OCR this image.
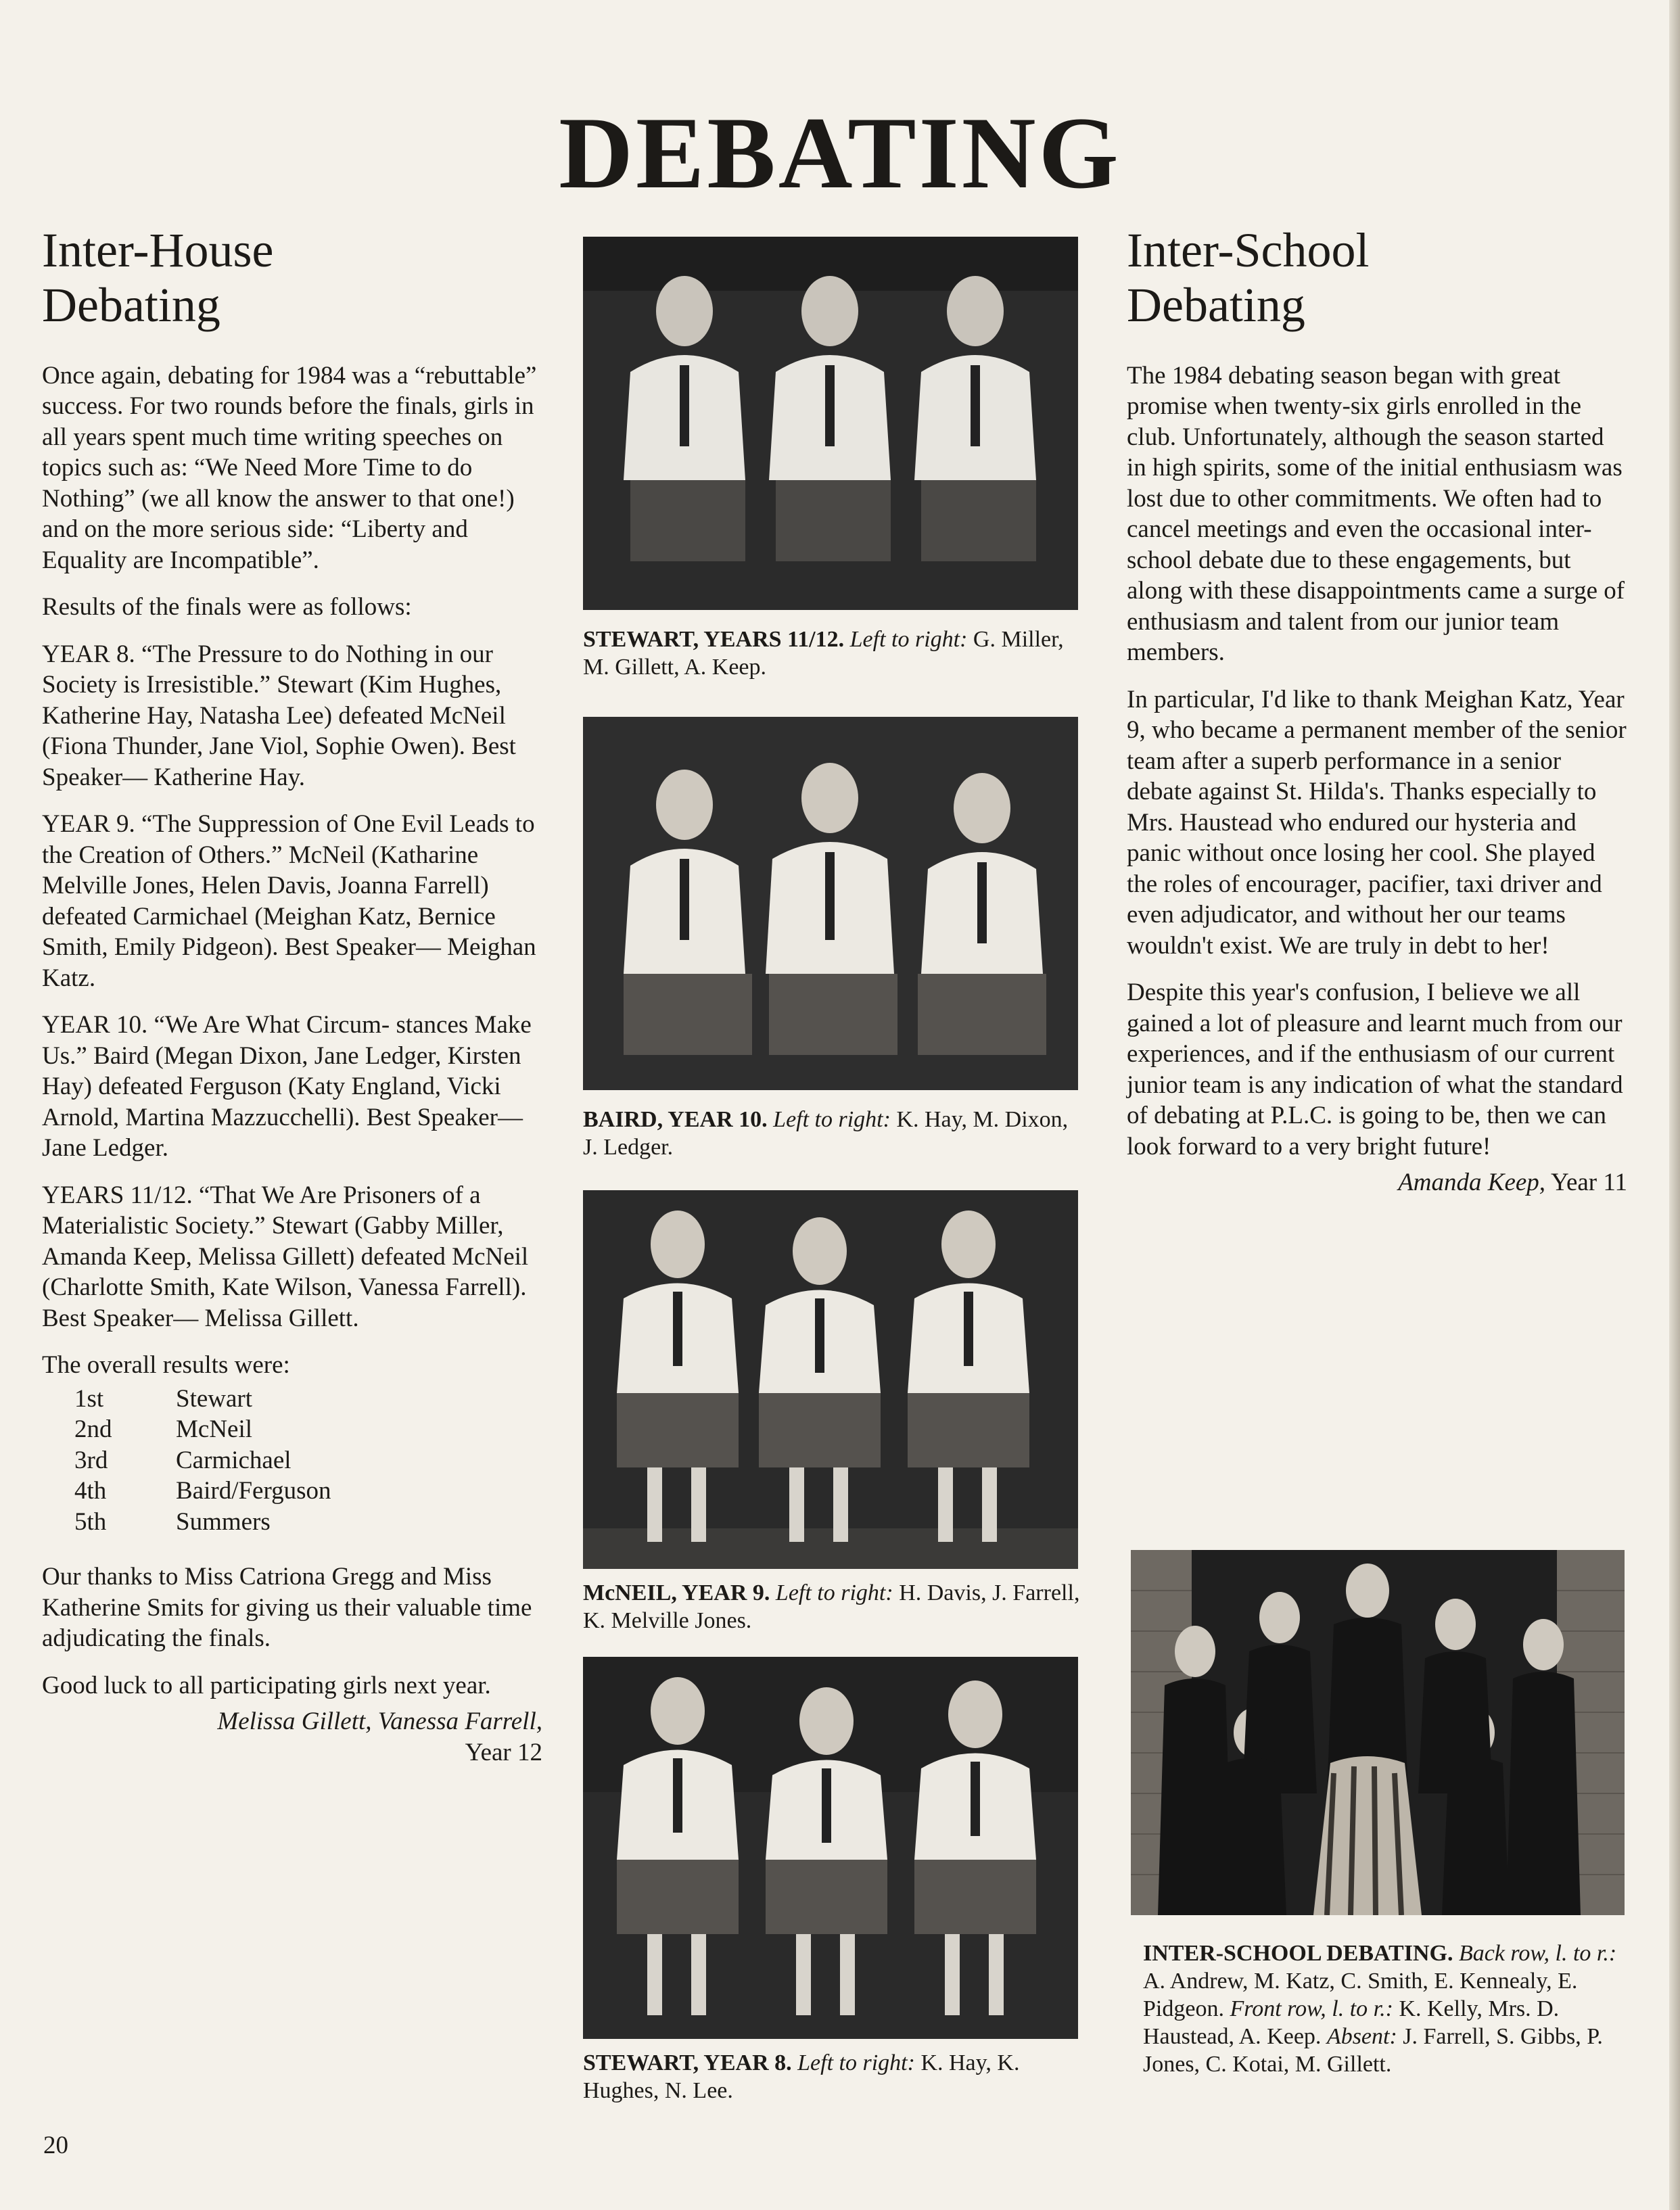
DEBATING
Inter-House
Debating

Once again, debating for 1984 was a “rebuttable” success. For two rounds before the finals, girls in all years spent much time writing speeches on topics such as: “We Need More Time to do Nothing” (we all know the answer to that one!) and on the more serious side: “Liberty and Equality are Incompatible”.

Results of the finals were as follows:

YEAR 8. “The Pressure to do Nothing in our Society is Irresistible.” Stewart (Kim Hughes, Katherine Hay, Natasha Lee) defeated McNeil (Fiona Thunder, Jane Viol, Sophie Owen). Best Speaker— Katherine Hay.

YEAR 9. “The Suppression of One Evil Leads to the Creation of Others.” McNeil (Katharine Melville Jones, Helen Davis, Joanna Farrell) defeated Carmichael (Meighan Katz, Bernice Smith, Emily Pidgeon). Best Speaker— Meighan Katz.

YEAR 10. “We Are What Circum- stances Make Us.” Baird (Megan Dixon, Jane Ledger, Kirsten Hay) defeated Ferguson (Katy England, Vicki Arnold, Martina Mazzucchelli). Best Speaker—Jane Ledger.

YEARS 11/12. “That We Are Prisoners of a Materialistic Society.” Stewart (Gabby Miller, Amanda Keep, Melissa Gillett) defeated McNeil (Charlotte Smith, Kate Wilson, Vanessa Farrell). Best Speaker— Melissa Gillett.

The overall results were:

1st	Stewart
2nd	McNeil
3rd	Carmichael
4th	Baird/Ferguson
5th	Summers

Our thanks to Miss Catriona Gregg and Miss Katherine Smits for giving us their valuable time adjudicating the finals.

Good luck to all participating girls next year.

Melissa Gillett, Vanessa Farrell,
Year 12
Inter-School
Debating

The 1984 debating season began with great promise when twenty-six girls enrolled in the club. Unfortunately, although the season started in high spirits, some of the initial enthusiasm was lost due to other commitments. We often had to cancel meetings and even the occasional inter-school debate due to these engagements, but along with these disappointments came a surge of enthusiasm and talent from our junior team members.

In particular, I'd like to thank Meighan Katz, Year 9, who became a permanent member of the senior team after a superb performance in a senior debate against St. Hilda's. Thanks especially to Mrs. Haustead who endured our hysteria and panic without once losing her cool. She played the roles of encourager, pacifier, taxi driver and even adjudicator, and without her our teams wouldn't exist. We are truly in debt to her!

Despite this year's confusion, I believe we all gained a lot of pleasure and learnt much from our experiences, and if the enthusiasm of our current junior team is any indication of what the standard of debating at P.L.C. is going to be, then we can look forward to a very bright future!

Amanda Keep, Year 11

STEWART, YEARS 11/12. Left to right: G. Miller, M. Gillett, A. Keep.

BAIRD, YEAR 10. Left to right: K. Hay, M. Dixon, J. Ledger.

McNEIL, YEAR 9. Left to right: H. Davis, J. Farrell, K. Melville Jones.

STEWART, YEAR 8. Left to right: K. Hay, K. Hughes, N. Lee.

INTER-SCHOOL DEBATING. Back row, l. to r.: A. Andrew, M. Katz, C. Smith, E. Kennealy, E. Pidgeon. Front row, l. to r.: K. Kelly, Mrs. D. Haustead, A. Keep. Absent: J. Farrell, S. Gibbs, P. Jones, C. Kotai, M. Gillett.

20
